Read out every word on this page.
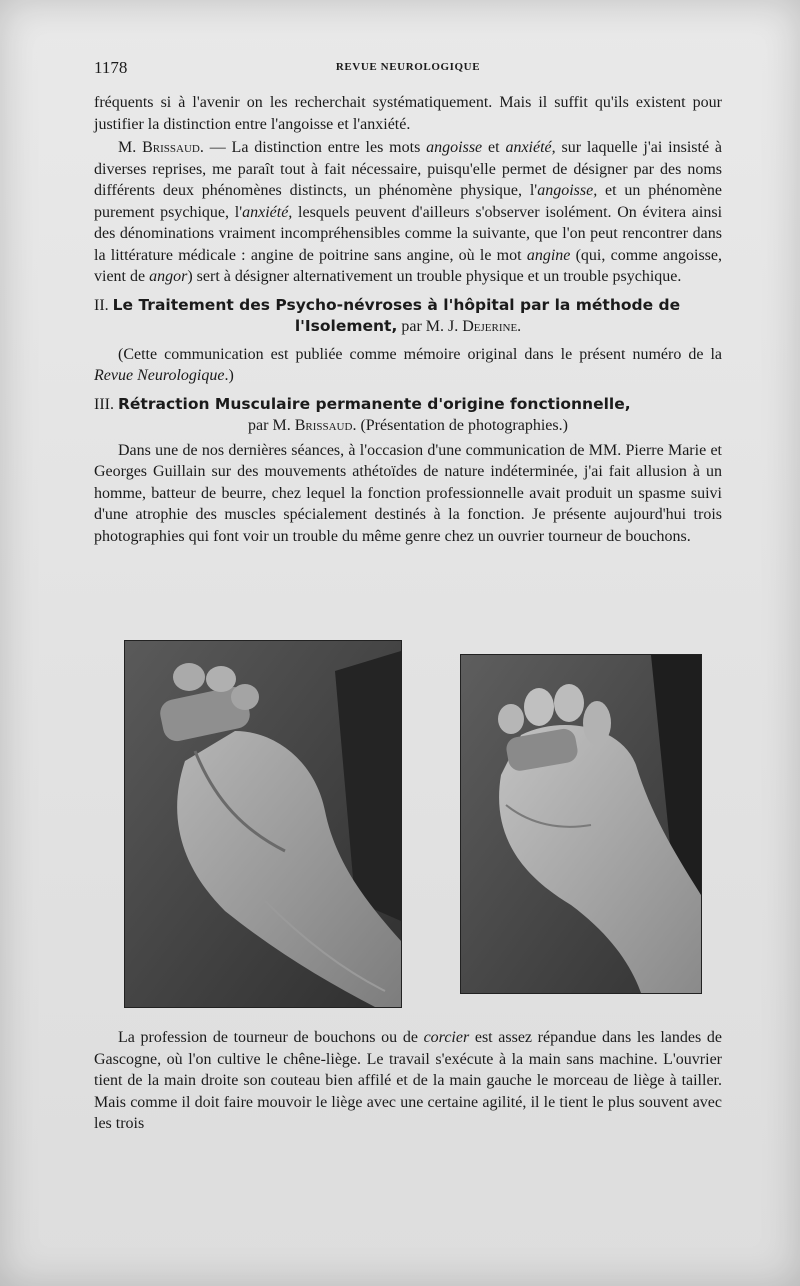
1178	REVUE NEUROLOGIQUE

fréquents si à l'avenir on les recherchait systématiquement. Mais il suffit qu'ils existent pour justifier la distinction entre l'angoisse et l'anxiété.

M. Brissaud. — La distinction entre les mots angoisse et anxiété, sur laquelle j'ai insisté à diverses reprises, me paraît tout à fait nécessaire, puisqu'elle permet de désigner par des noms différents deux phénomènes distincts, un phénomène physique, l'angoisse, et un phénomène purement psychique, l'anxiété, lesquels peuvent d'ailleurs s'observer isolément. On évitera ainsi des dénominations vraiment incompréhensibles comme la suivante, que l'on peut rencontrer dans la littérature médicale : angine de poitrine sans angine, où le mot angine (qui, comme angoisse, vient de angor) sert à désigner alternativement un trouble physique et un trouble psychique.

II. Le Traitement des Psycho-névroses à l'hôpital par la méthode de

l'Isolement, par M. J. Dejerine.

(Cette communication est publiée comme mémoire original dans le présent numéro de la Revue Neurologique.)

III. Rétraction Musculaire permanente d'origine fonctionnelle,

par M. Brissaud. (Présentation de photographies.)

Dans une de nos dernières séances, à l'occasion d'une communication de MM. Pierre Marie et Georges Guillain sur des mouvements athétoïdes de nature indéterminée, j'ai fait allusion à un homme, batteur de beurre, chez lequel la fonction professionnelle avait produit un spasme suivi d'une atrophie des muscles spécialement destinés à la fonction. Je présente aujourd'hui trois photographies qui font voir un trouble du même genre chez un ouvrier tourneur de bouchons.

La profession de tourneur de bouchons ou de corcier est assez répandue dans les landes de Gascogne, où l'on cultive le chêne-liège. Le travail s'exécute à la main sans machine. L'ouvrier tient de la main droite son couteau bien affilé et de la main gauche le morceau de liège à tailler. Mais comme il doit faire mouvoir le liège avec une certaine agilité, il le tient le plus souvent avec les trois
